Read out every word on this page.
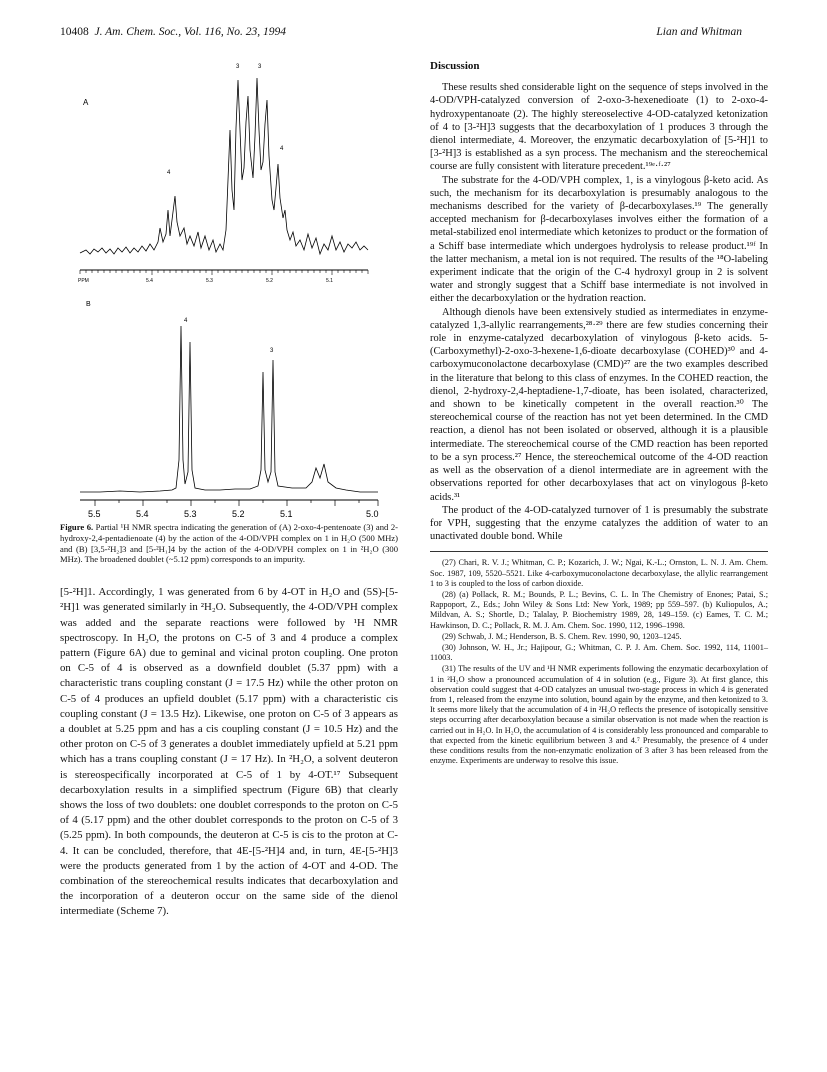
10408 J. Am. Chem. Soc., Vol. 116, No. 23, 1994	Lian and Whitman
A
3	3
4
4
PPM	5.4	5.3	5.2	5.1
B
4
3
5.5	5.4	5.3	5.2	5.1	5.0
Figure 6. Partial ¹H NMR spectra indicating the generation of (A) 2-oxo-4-pentenoate (3) and 2-hydroxy-2,4-pentadienoate (4) by the action of the 4-OD/VPH complex on 1 in H₂O (500 MHz) and (B) [3,5-²H₂]3 and [5-²H₁]4 by the action of the 4-OD/VPH complex on 1 in ²H₂O (300 MHz). The broadened doublet (~5.12 ppm) corresponds to an impurity.

[5-²H]1. Accordingly, 1 was generated from 6 by 4-OT in H₂O and (5S)-[5-²H]1 was generated similarly in ²H₂O. Subsequently, the 4-OD/VPH complex was added and the separate reactions were followed by ¹H NMR spectroscopy. In H₂O, the protons on C-5 of 3 and 4 produce a complex pattern (Figure 6A) due to geminal and vicinal proton coupling. One proton on C-5 of 4 is observed as a downfield doublet (5.37 ppm) with a characteristic trans coupling constant (J = 17.5 Hz) while the other proton on C-5 of 4 produces an upfield doublet (5.17 ppm) with a characteristic cis coupling constant (J = 13.5 Hz). Likewise, one proton on C-5 of 3 appears as a doublet at 5.25 ppm and has a cis coupling constant (J = 10.5 Hz) and the other proton on C-5 of 3 generates a doublet immediately upfield at 5.21 ppm which has a trans coupling constant (J = 17 Hz). In ²H₂O, a solvent deuteron is stereospecifically incorporated at C-5 of 1 by 4-OT.¹⁷ Subsequent decarboxylation results in a simplified spectrum (Figure 6B) that clearly shows the loss of two doublets: one doublet corresponds to the proton on C-5 of 4 (5.17 ppm) and the other doublet corresponds to the proton on C-5 of 3 (5.25 ppm). In both compounds, the deuteron at C-5 is cis to the proton at C-4. It can be concluded, therefore, that 4E-[5-²H]4 and, in turn, 4E-[5-²H]3 were the products generated from 1 by the action of 4-OT and 4-OD. The combination of the stereochemical results indicates that decarboxylation and the incorporation of a deuteron occur on the same side of the dienol intermediate (Scheme 7).

Discussion

These results shed considerable light on the sequence of steps involved in the 4-OD/VPH-catalyzed conversion of 2-oxo-3-hexenedioate (1) to 2-oxo-4-hydroxypentanoate (2). The highly stereoselective 4-OD-catalyzed ketonization of 4 to [3-²H]3 suggests that the decarboxylation of 1 produces 3 through the dienol intermediate, 4. Moreover, the enzymatic decarboxylation of [5-²H]1 to [3-²H]3 is established as a syn process. The mechanism and the stereochemical course are fully consistent with literature precedent.¹⁹ᵉ·ᶠ·²⁷

The substrate for the 4-OD/VPH complex, 1, is a vinylogous β-keto acid. As such, the mechanism for its decarboxylation is presumably analogous to the mechanisms described for the variety of β-decarboxylases.¹⁹ The generally accepted mechanism for β-decarboxylases involves either the formation of a metal-stabilized enol intermediate which ketonizes to product or the formation of a Schiff base intermediate which undergoes hydrolysis to release product.¹⁹ᶠ In the latter mechanism, a metal ion is not required. The results of the ¹⁸O-labeling experiment indicate that the origin of the C-4 hydroxyl group in 2 is solvent water and strongly suggest that a Schiff base intermediate is not involved in either the decarboxylation or the hydration reaction.

Although dienols have been extensively studied as intermediates in enzyme-catalyzed 1,3-allylic rearrangements,²⁸·²⁹ there are few studies concerning their role in enzyme-catalyzed decarboxylation of vinylogous β-keto acids. 5-(Carboxymethyl)-2-oxo-3-hexene-1,6-dioate decarboxylase (COHED)³⁰ and 4-carboxymuconolactone decarboxylase (CMD)²⁷ are the two examples described in the literature that belong to this class of enzymes. In the COHED reaction, the dienol, 2-hydroxy-2,4-heptadiene-1,7-dioate, has been isolated, characterized, and shown to be kinetically competent in the overall reaction.³⁰ The stereochemical course of the reaction has not yet been determined. In the CMD reaction, a dienol has not been isolated or observed, although it is a plausible intermediate. The stereochemical course of the CMD reaction has been reported to be a syn process.²⁷ Hence, the stereochemical outcome of the 4-OD reaction as well as the observation of a dienol intermediate are in agreement with the observations reported for other decarboxylases that act on vinylogous β-keto acids.³¹

The product of the 4-OD-catalyzed turnover of 1 is presumably the substrate for VPH, suggesting that the enzyme catalyzes the addition of water to an unactivated double bond. While

(27) Chari, R. V. J.; Whitman, C. P.; Kozarich, J. W.; Ngai, K.-L.; Ornston, L. N. J. Am. Chem. Soc. 1987, 109, 5520–5521. Like 4-carboxymuconolactone decarboxylase, the allylic rearrangement 1 to 3 is coupled to the loss of carbon dioxide.

(28) (a) Pollack, R. M.; Bounds, P. L.; Bevins, C. L. In The Chemistry of Enones; Patai, S.; Rappoport, Z., Eds.; John Wiley & Sons Ltd: New York, 1989; pp 559–597. (b) Kuliopulos, A.; Mildvan, A. S.; Shortle, D.; Talalay, P. Biochemistry 1989, 28, 149–159. (c) Eames, T. C. M.; Hawkinson, D. C.; Pollack, R. M. J. Am. Chem. Soc. 1990, 112, 1996–1998.

(29) Schwab, J. M.; Henderson, B. S. Chem. Rev. 1990, 90, 1203–1245.

(30) Johnson, W. H., Jr.; Hajipour, G.; Whitman, C. P. J. Am. Chem. Soc. 1992, 114, 11001–11003.

(31) The results of the UV and ¹H NMR experiments following the enzymatic decarboxylation of 1 in ²H₂O show a pronounced accumulation of 4 in solution (e.g., Figure 3). At first glance, this observation could suggest that 4-OD catalyzes an unusual two-stage process in which 4 is generated from 1, released from the enzyme into solution, bound again by the enzyme, and then ketonized to 3. It seems more likely that the accumulation of 4 in ²H₂O reflects the presence of isotopically sensitive steps occurring after decarboxylation because a similar observation is not made when the reaction is carried out in H₂O. In H₂O, the accumulation of 4 is considerably less pronounced and comparable to that expected from the kinetic equilibrium between 3 and 4.⁷ Presumably, the presence of 4 under these conditions results from the non-enzymatic enolization of 3 after 3 has been released from the enzyme. Experiments are underway to resolve this issue.
